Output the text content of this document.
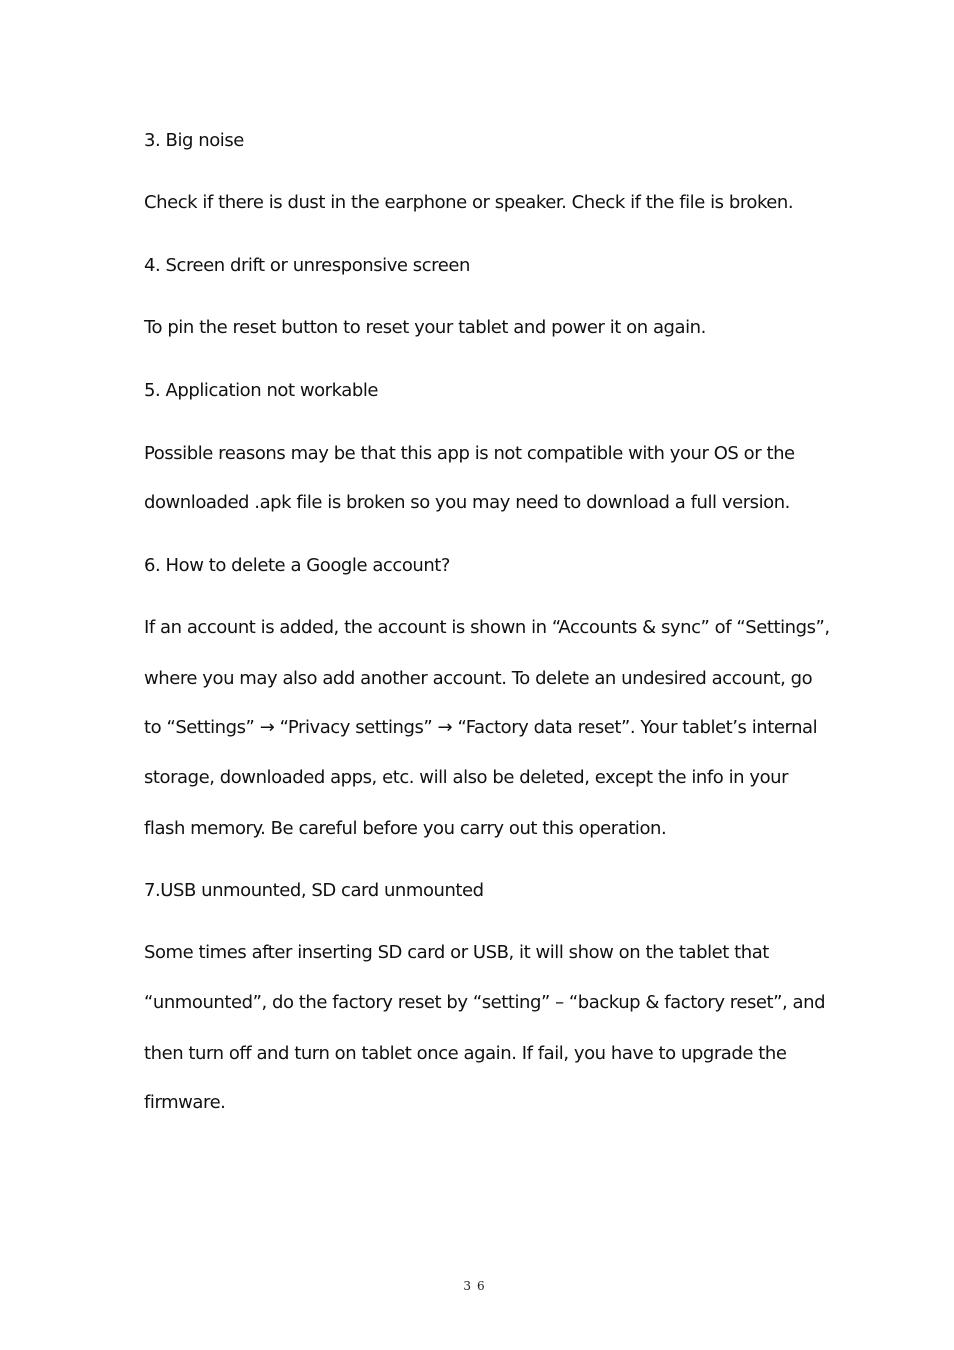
3. Big noise
Check if there is dust in the earphone or speaker. Check if the file is broken.
4. Screen drift or unresponsive screen
To pin the reset button to reset your tablet and power it on again.
5. Application not workable
Possible reasons may be that this app is not compatible with your OS or the
downloaded .apk file is broken so you may need to download a full version.
6. How to delete a Google account?
If an account is added, the account is shown in “Accounts & sync” of “Settings”,
where you may also add another account. To delete an undesired account, go
to “Settings” → “Privacy settings” → “Factory data reset”. Your tablet’s internal
storage, downloaded apps, etc. will also be deleted, except the info in your
flash memory. Be careful before you carry out this operation.
7.USB unmounted, SD card unmounted
Some times after inserting SD card or USB, it will show on the tablet that
“unmounted”, do the factory reset by “setting” – “backup & factory reset”, and
then turn off and turn on tablet once again. If fail, you have to upgrade the
firmware.
36
